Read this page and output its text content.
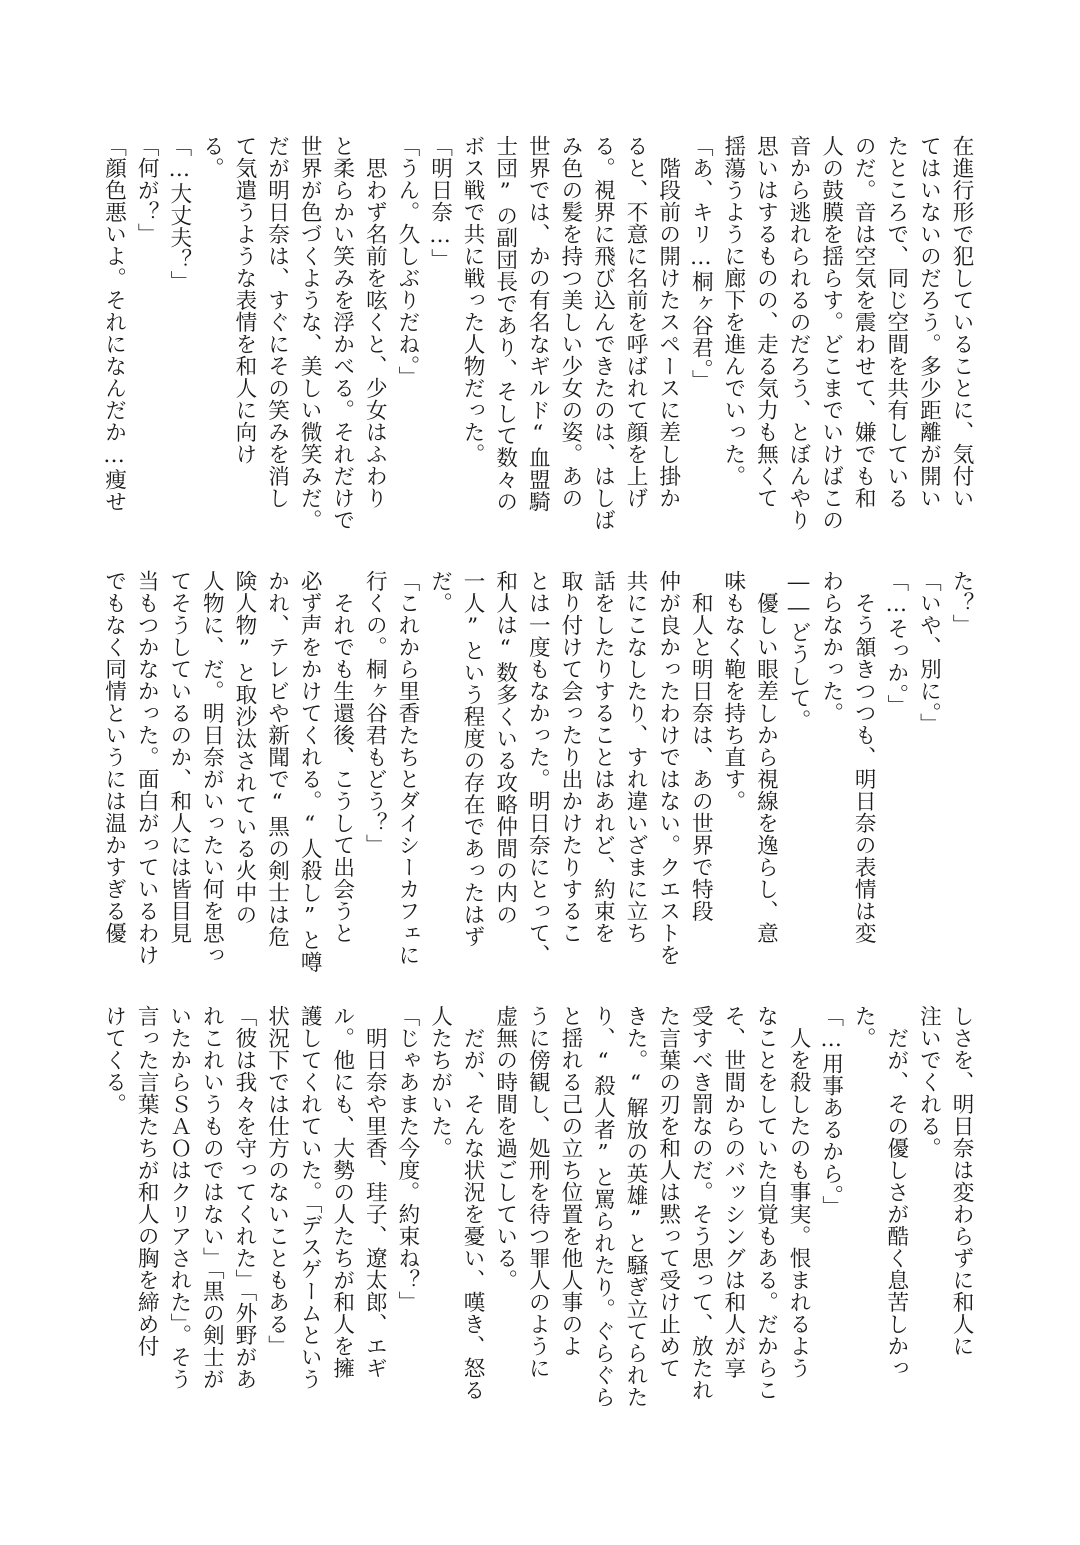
在進行形で犯していることに、気付い
てはいないのだろう。多少距離が開い
たところで、同じ空間を共有している
のだ。音は空気を震わせて、嫌でも和
人の鼓膜を揺らす。どこまでいけばこの
音から逃れられるのだろう、とぼんやり
思いはするものの、走る気力も無くて
揺蕩うように廊下を進んでいった。
「あ、キリ…桐ヶ谷君。」
　階段前の開けたスペースに差し掛か
ると、不意に名前を呼ばれて顔を上げ
る。視界に飛び込んできたのは、はしば
み色の髪を持つ美しい少女の姿。あの
世界では、かの有名なギルド“血盟騎
士団”の副団長であり、そして数々の
ボス戦で共に戦った人物だった。
「明日奈…」
「うん。久しぶりだね。」
　思わず名前を呟くと、少女はふわり
と柔らかい笑みを浮かべる。それだけで
世界が色づくような、美しい微笑みだ。
だが明日奈は、すぐにその笑みを消し
て気遣うような表情を和人に向け
る。
「…大丈夫？」
「何が？」
「顔色悪いよ。それになんだか…痩せ
た？」
「いや、別に。」
「…そっか。」
　そう頷きつつも、明日奈の表情は変
わらなかった。
――どうして。
　優しい眼差しから視線を逸らし、意
味もなく鞄を持ち直す。
　和人と明日奈は、あの世界で特段
仲が良かったわけではない。クエストを
共にこなしたり、すれ違いざまに立ち
話をしたりすることはあれど、約束を
取り付けて会ったり出かけたりするこ
とは一度もなかった。明日奈にとって、
和人は“数多くいる攻略仲間の内の
一人”という程度の存在であったはず
だ。
「これから里香たちとダイシーカフェに
行くの。桐ヶ谷君もどう？」
　それでも生還後、こうして出会うと
必ず声をかけてくれる。“人殺し”と噂
かれ、テレビや新聞で“黒の剣士は危
険人物”と取沙汰されている火中の
人物に、だ。明日奈がいったい何を思っ
てそうしているのか、和人には皆目見
当もつかなかった。面白がっているわけ
でもなく同情というには温かすぎる優
しさを、明日奈は変わらずに和人に
注いでくれる。
　だが、その優しさが酷く息苦しかっ
た。
「…用事あるから。」
　人を殺したのも事実。恨まれるよう
なことをしていた自覚もある。だからこ
そ、世間からのバッシングは和人が享
受すべき罰なのだ。そう思って、放たれ
た言葉の刃を和人は黙って受け止めて
きた。“解放の英雄”と騒ぎ立てられた
り、“殺人者”と罵られたり。ぐらぐら
と揺れる己の立ち位置を他人事のよ
うに傍観し、処刑を待つ罪人のように
虚無の時間を過ごしている。
　だが、そんな状況を憂い、嘆き、怒る
人たちがいた。
「じゃあまた今度。約束ね？」
　明日奈や里香、珪子、遼太郎、エギ
ル。他にも、大勢の人たちが和人を擁
護してくれていた。「デスゲームという
状況下では仕方のないこともある」
「彼は我々を守ってくれた」「外野があ
れこれいうものではない」「黒の剣士が
いたからＳＡＯはクリアされた」。そう
言った言葉たちが和人の胸を締め付
けてくる。
